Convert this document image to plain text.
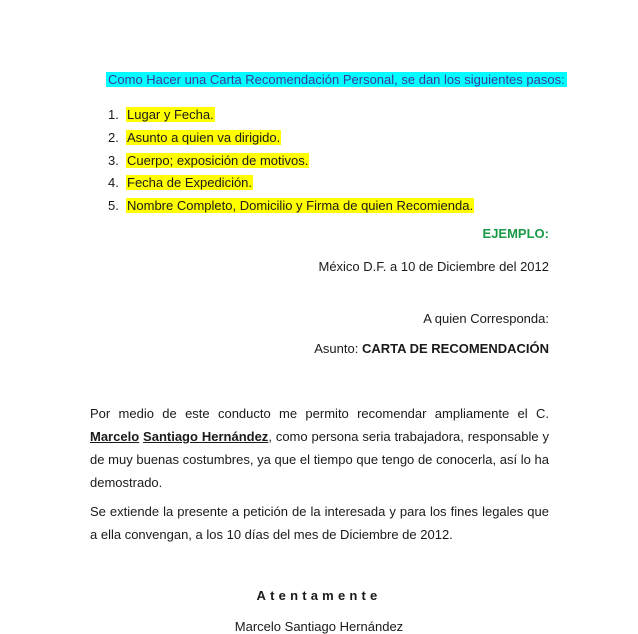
Como Hacer una Carta Recomendación Personal, se dan los siguientes pasos:
1. Lugar y Fecha.
2. Asunto a quien va dirigido.
3. Cuerpo; exposición de motivos.
4. Fecha de Expedición.
5. Nombre Completo, Domicilio y Firma de quien Recomienda.
EJEMPLO:
México D.F. a 10 de Diciembre del 2012
A quien Corresponda:
Asunto: CARTA DE RECOMENDACIÓN

Por medio de este conducto me permito recomendar ampliamente el C. Marcelo Santiago Hernández, como persona seria trabajadora, responsable y de muy buenas costumbres, ya que el tiempo que tengo de conocerla, así lo ha demostrado.

Se extiende la presente a petición de la interesada y para los fines legales que a ella convengan, a los 10 días del mes de Diciembre de 2012.

Atentamente
Marcelo Santiago Hernández
